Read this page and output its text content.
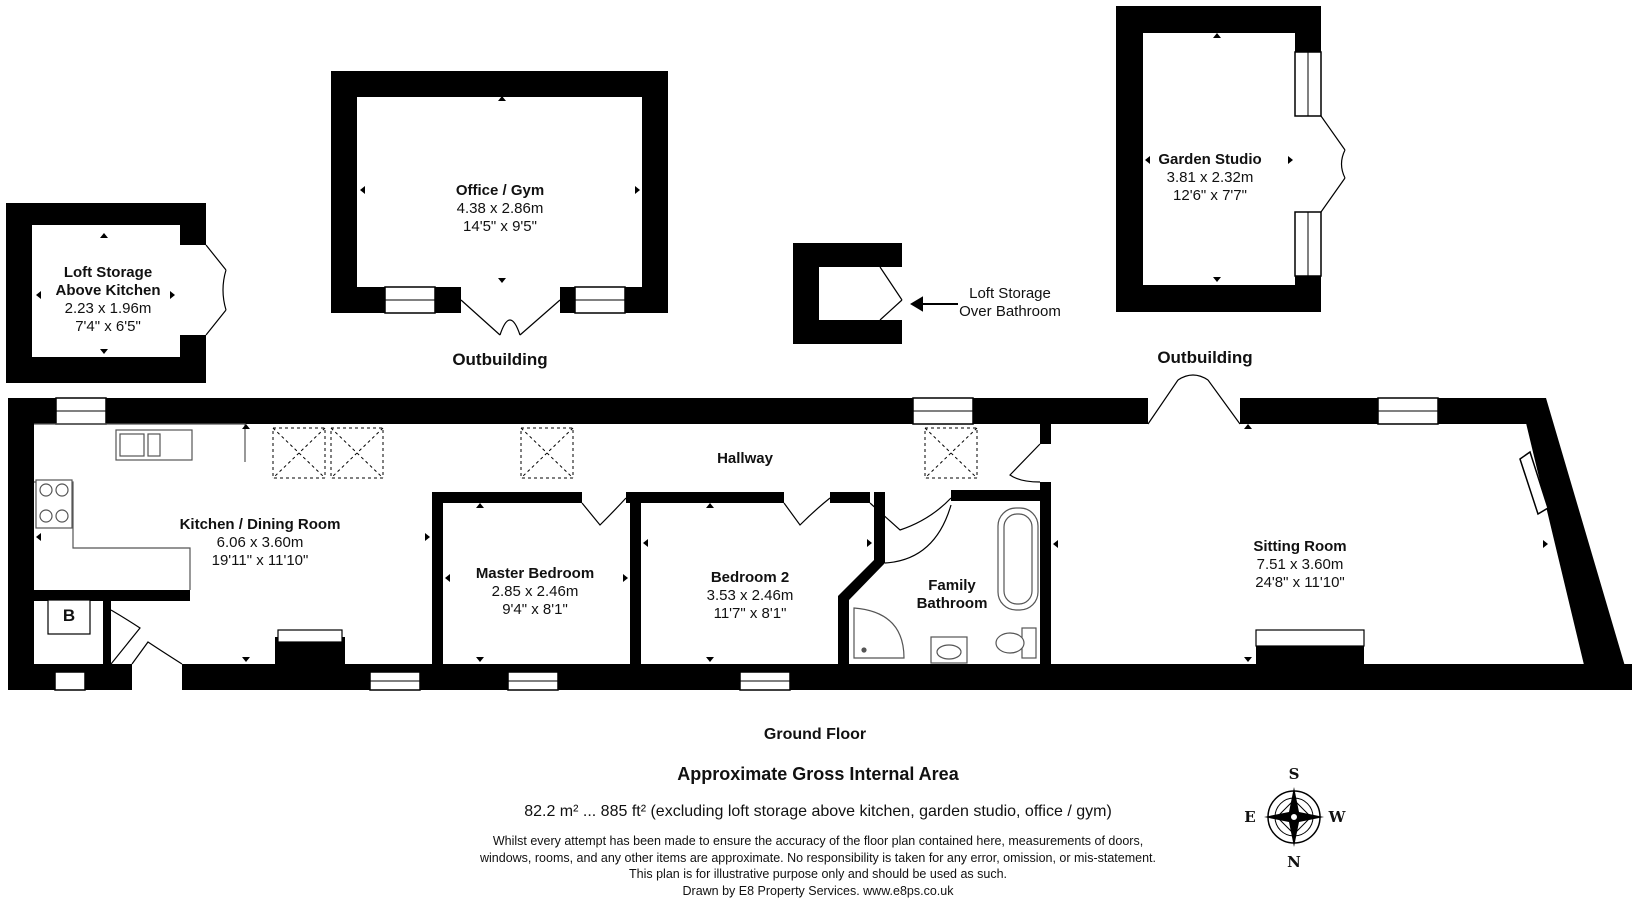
Loft Storage
Above Kitchen
2.23 x 1.96m
7'4" x 6'5"
Office / Gym
4.38 x 2.86m
14'5" x 9'5"
Garden Studio
3.81 x 2.32m
12'6" x 7'7"
Loft Storage
Over Bathroom
Kitchen / Dining Room
6.06 x 3.60m
19'11" x 11'10"
Hallway
Master Bedroom
2.85 x 2.46m
9'4" x 8'1"
Bedroom 2
3.53 x 2.46m
11'7" x 8'1"
Family
Bathroom
Sitting Room
7.51 x 3.60m
24'8" x 11'10"
B
Outbuilding	Outbuilding
Ground Floor
Approximate Gross Internal Area
82.2 m² ... 885 ft² (excluding loft storage above kitchen, garden studio, office / gym)
Whilst every attempt has been made to ensure the accuracy of the floor plan contained here, measurements of doors,
windows, rooms, and any other items are approximate. No responsibility is taken for any error, omission, or mis-statement.
This plan is for illustrative purpose only and should be used as such.
Drawn by E8 Property Services. www.e8ps.co.uk
S
N
E	W
